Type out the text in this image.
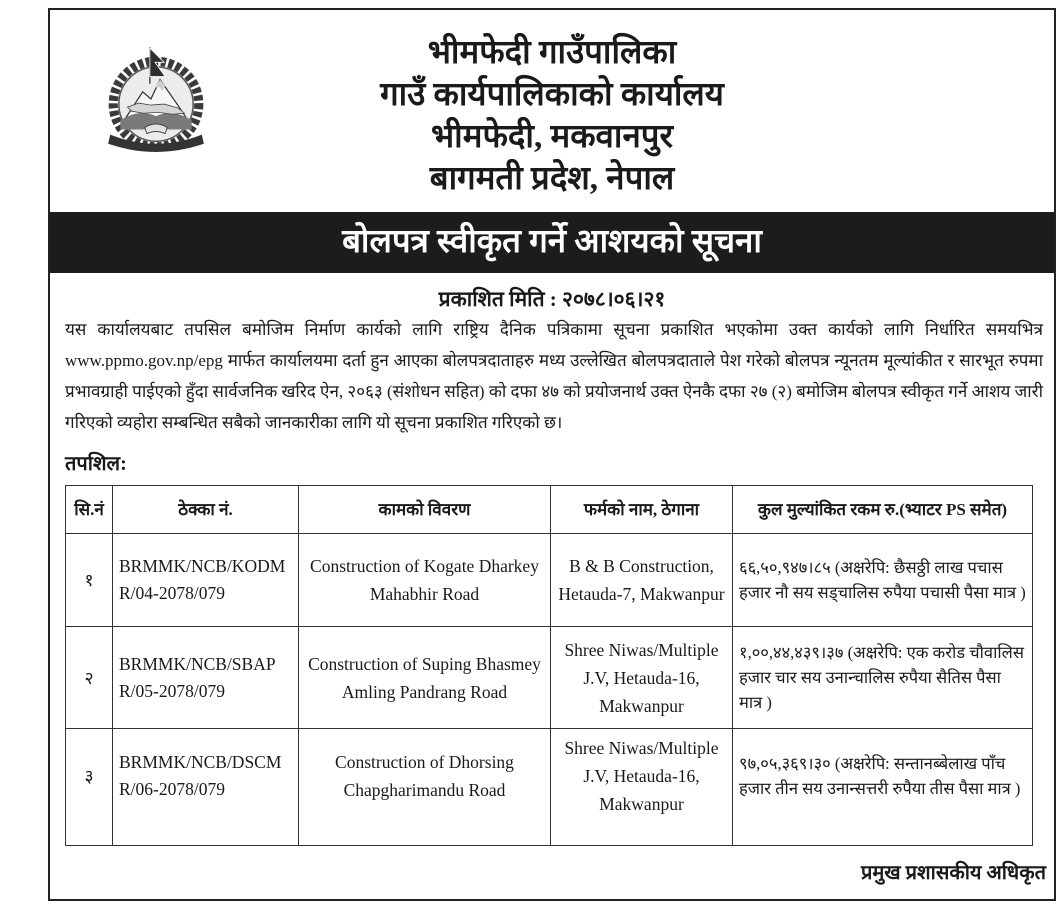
भीमफेदी गाउँपालिका
गाउँ कार्यपालिकाको कार्यालय
भीमफेदी, मकवानपुर
बागमती प्रदेश, नेपाल
बोलपत्र स्वीकृत गर्ने आशयको सूचना
प्रकाशित मिति : २०७८।०६।२१

यस कार्यालयबाट तपसिल बमोजिम निर्माण कार्यको लागि राष्ट्रिय दैनिक पत्रिकामा सूचना प्रकाशित भएकोमा उक्त कार्यको लागि निर्धारित समयभित्र www.ppmo.gov.np/epg मार्फत कार्यालयमा दर्ता हुन आएका बोलपत्रदाताहरु मध्य उल्लेखित बोलपत्रदाताले पेश गरेको बोलपत्र न्यूनतम मूल्यांकीत र सारभूत रुपमा प्रभावग्राही पाईएको हुँदा सार्वजनिक खरिद ऐन, २०६३ (संशोधन सहित) को दफा ४७ को प्रयोजनार्थ उक्त ऐनकै दफा २७ (२) बमोजिम बोलपत्र स्वीकृत गर्ने आशय जारी गरिएको व्यहोरा सम्बन्धित सबैको जानकारीका लागि यो सूचना प्रकाशित गरिएको छ।

तपशिल:
सि.नं	ठेक्का नं.	कामको विवरण	फर्मको नाम, ठेगाना	कुल मुल्यांकित रकम रु.(भ्याटर PS समेत)
१	BRMMK/NCB/KODMR/04-2078/079	Construction of Kogate Dharkey Mahabhir Road	B & B Construction, Hetauda-7, Makwanpur	६६,५०,९४७।८५ (अक्षरेपि: छैसठ्ठी लाख पचास हजार नौ सय सड्चालिस रुपैया पचासी पैसा मात्र )
२	BRMMK/NCB/SBAPR/05-2078/079	Construction of Suping Bhasmey Amling Pandrang Road	Shree Niwas/Multiple J.V, Hetauda-16, Makwanpur	१,००,४४,४३९।३७ (अक्षरेपि: एक करोड चौवालिस हजार चार सय उनान्चालिस रुपैया सैतिस पैसा मात्र )
३	BRMMK/NCB/DSCMR/06-2078/079	Construction of Dhorsing Chapgharimandu Road	Shree Niwas/Multiple J.V, Hetauda-16, Makwanpur	९७,०५,३६९।३० (अक्षरेपि: सन्तानब्बेलाख पाँच हजार तीन सय उनान्सत्तरी रुपैया तीस पैसा मात्र )
प्रमुख प्रशासकीय अधिकृत
